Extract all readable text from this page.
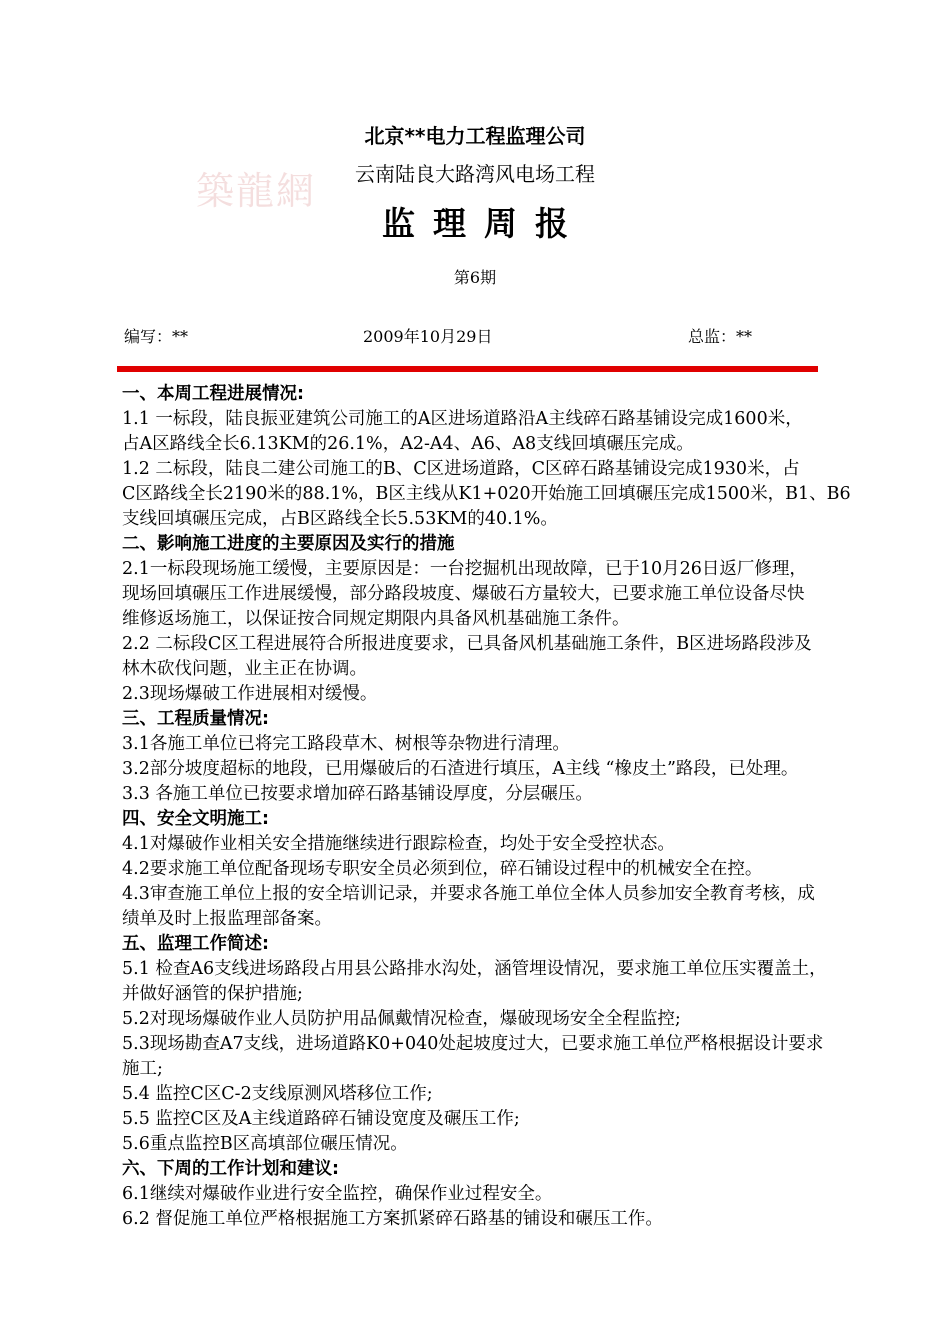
築龍網
北京**电力工程监理公司
云南陆良大路湾风电场工程
监理周报
第6期
编写：**	2009年10月29日	总监：**
一、本周工程进展情况:
1.1 一标段，陆良振亚建筑公司施工的A区进场道路沿A主线碎石路基铺设完成1600米，
占A区路线全长6.13KM的26.1%，A2-A4、A6、A8支线回填碾压完成。
1.2 二标段，陆良二建公司施工的B、C区进场道路，C区碎石路基铺设完成1930米，占
C区路线全长2190米的88.1%，B区主线从K1+020开始施工回填碾压完成1500米，B1、B6
支线回填碾压完成，占B区路线全长5.53KM的40.1%。
二、影响施工进度的主要原因及实行的措施
2.1一标段现场施工缓慢，主要原因是：一台挖掘机出现故障，已于10月26日返厂修理，
现场回填碾压工作进展缓慢，部分路段坡度、爆破石方量较大，已要求施工单位设备尽快
维修返场施工，以保证按合同规定期限内具备风机基础施工条件。
2.2 二标段C区工程进展符合所报进度要求，已具备风机基础施工条件，B区进场路段涉及
林木砍伐问题，业主正在协调。
2.3现场爆破工作进展相对缓慢。
三、工程质量情况:
3.1各施工单位已将完工路段草木、树根等杂物进行清理。
3.2部分坡度超标的地段，已用爆破后的石渣进行填压，A主线 “橡皮土”路段，已处理。
3.3 各施工单位已按要求增加碎石路基铺设厚度，分层碾压。
四、安全文明施工:
4.1对爆破作业相关安全措施继续进行跟踪检查，均处于安全受控状态。
4.2要求施工单位配备现场专职安全员必须到位，碎石铺设过程中的机械安全在控。
4.3审查施工单位上报的安全培训记录，并要求各施工单位全体人员参加安全教育考核，成
绩单及时上报监理部备案。
五、监理工作简述:
5.1 检查A6支线进场路段占用县公路排水沟处，涵管埋设情况，要求施工单位压实覆盖土，
并做好涵管的保护措施;
5.2对现场爆破作业人员防护用品佩戴情况检查，爆破现场安全全程监控;
5.3现场勘查A7支线，进场道路K0+040处起坡度过大，已要求施工单位严格根据设计要求
施工;
5.4 监控C区C-2支线原测风塔移位工作;
5.5 监控C区及A主线道路碎石铺设宽度及碾压工作;
5.6重点监控B区高填部位碾压情况。
六、下周的工作计划和建议:
6.1继续对爆破作业进行安全监控，确保作业过程安全。
6.2 督促施工单位严格根据施工方案抓紧碎石路基的铺设和碾压工作。
